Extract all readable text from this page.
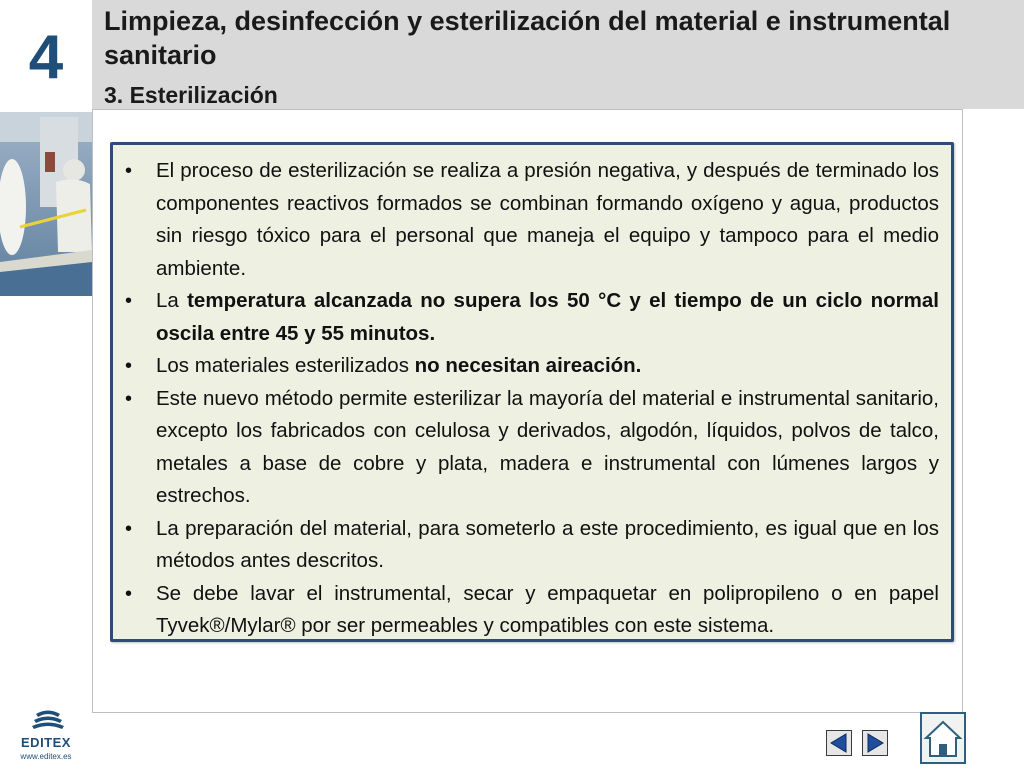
4
Limpieza, desinfección y esterilización del material e instrumental sanitario
3. Esterilización
• El proceso de esterilización se realiza a presión negativa, y después de terminado los componentes reactivos formados se combinan formando oxígeno y agua, productos sin riesgo tóxico para el personal que maneja el equipo y tampoco para el medio ambiente.
• La temperatura alcanzada no supera los 50 °C y el tiempo de un ciclo normal oscila entre 45 y 55 minutos.
• Los materiales esterilizados no necesitan aireación.
• Este nuevo método permite esterilizar la mayoría del material e instrumental sanitario, excepto los fabricados con celulosa y derivados, algodón, líquidos, polvos de talco, metales a base de cobre y plata, madera e instrumental con lúmenes largos y estrechos.
• La preparación del material, para someterlo a este procedimiento, es igual que en los métodos antes descritos.
• Se debe lavar el instrumental, secar y empaquetar en polipropileno o en papel Tyvek®/Mylar® por ser permeables y compatibles con este sistema.
EDITEX
www.editex.es
